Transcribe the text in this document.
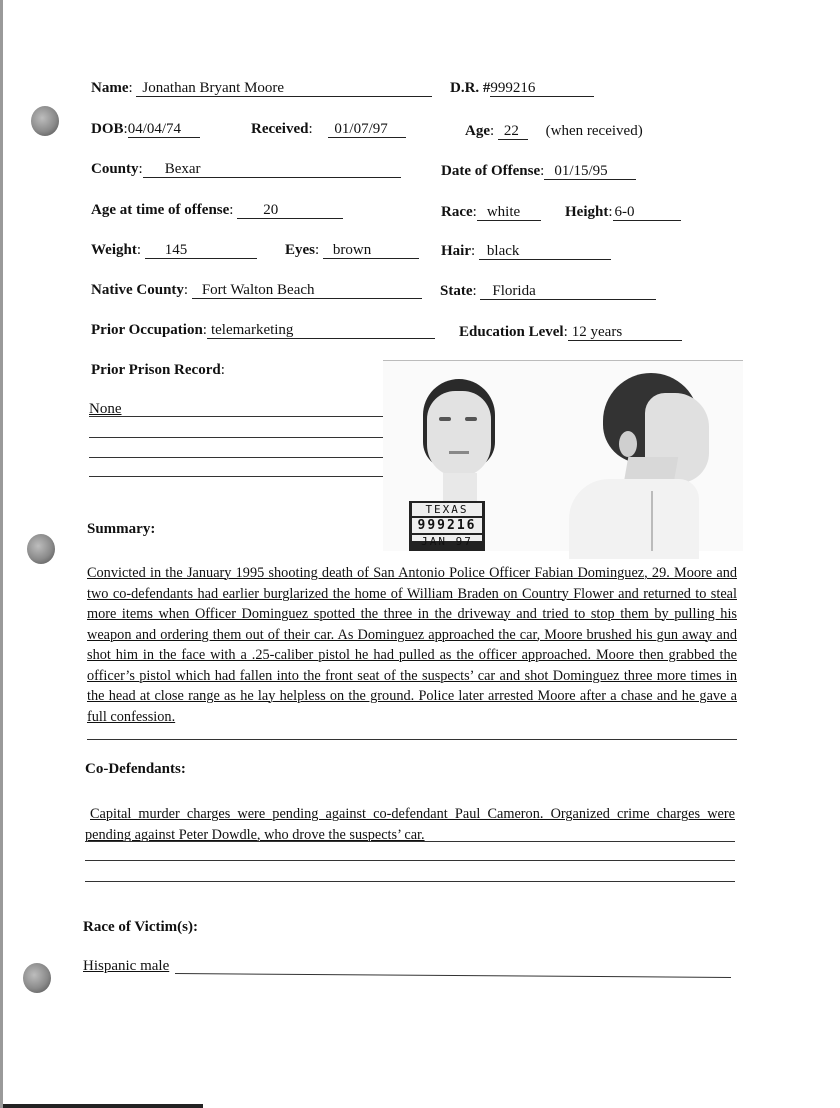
Name: Jonathan Bryant Moore	D.R. #999216
DOB:04/04/74	Received: 01/07/97	Age: 22 (when received)
County: Bexar	Date of Offense: 01/15/95
Age at time of offense: 20	Race: white	Height: 6-0
Weight: 145	Eyes: brown	Hair: black
Native County: Fort Walton Beach	State: Florida
Prior Occupation: telemarketing	Education Level: 12 years
Prior Prison Record:
None
TEXAS
999216
JAN 97
Summary:
Convicted in the January 1995 shooting death of San Antonio Police Officer Fabian Dominguez, 29. Moore and two co-defendants had earlier burglarized the home of William Braden on Country Flower and returned to steal more items when Officer Dominguez spotted the three in the driveway and tried to stop them by pulling his weapon and ordering them out of their car. As Dominguez approached the car, Moore brushed his gun away and shot him in the face with a .25-caliber pistol he had pulled as the officer approached. Moore then grabbed the officer’s pistol which had fallen into the front seat of the suspects’ car and shot Dominguez three more times in the head at close range as he lay helpless on the ground. Police later arrested Moore after a chase and he gave a full confession.
Co-Defendants:
Capital murder charges were pending against co-defendant Paul Cameron. Organized crime charges were pending against Peter Dowdle, who drove the suspects’ car.
Race of Victim(s):
Hispanic male
